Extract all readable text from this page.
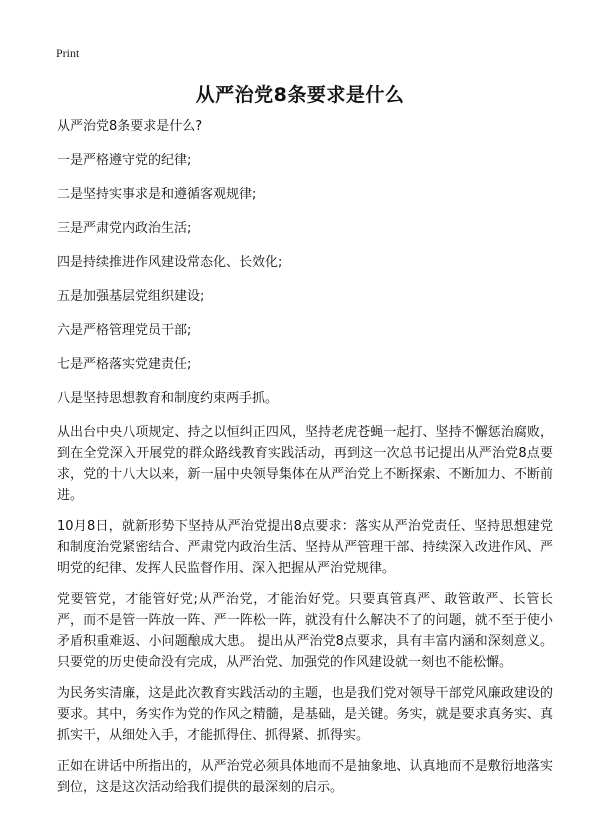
Print
从严治党8条要求是什么
从严治党8条要求是什么?
一是严格遵守党的纪律;
二是坚持实事求是和遵循客观规律;
三是严肃党内政治生活;
四是持续推进作风建设常态化、长效化;
五是加强基层党组织建设;
六是严格管理党员干部;
七是严格落实党建责任;
八是坚持思想教育和制度约束两手抓。

从出台中央八项规定、持之以恒纠正四风，坚持老虎苍蝇一起打、坚持不懈惩治腐败，到在全党深入开展党的群众路线教育实践活动，再到这一次总书记提出从严治党8点要求，党的十八大以来，新一届中央领导集体在从严治党上不断探索、不断加力、不断前进。

10月8日，就新形势下坚持从严治党提出8点要求：落实从严治党责任、坚持思想建党和制度治党紧密结合、严肃党内政治生活、坚持从严管理干部、持续深入改进作风、严明党的纪律、发挥人民监督作用、深入把握从严治党规律。

党要管党，才能管好党;从严治党，才能治好党。只要真管真严、敢管敢严、长管长严，而不是管一阵放一阵、严一阵松一阵，就没有什么解决不了的问题，就不至于使小矛盾积重难返、小问题酿成大患。 提出从严治党8点要求，具有丰富内涵和深刻意义。只要党的历史使命没有完成，从严治党、加强党的作风建设就一刻也不能松懈。

为民务实清廉，这是此次教育实践活动的主题，也是我们党对领导干部党风廉政建设的要求。其中，务实作为党的作风之精髓，是基础，是关键。务实，就是要求真务实、真抓实干，从细处入手，才能抓得住、抓得紧、抓得实。

正如在讲话中所指出的，从严治党必须具体地而不是抽象地、认真地而不是敷衍地落实到位，这是这次活动给我们提供的最深刻的启示。
